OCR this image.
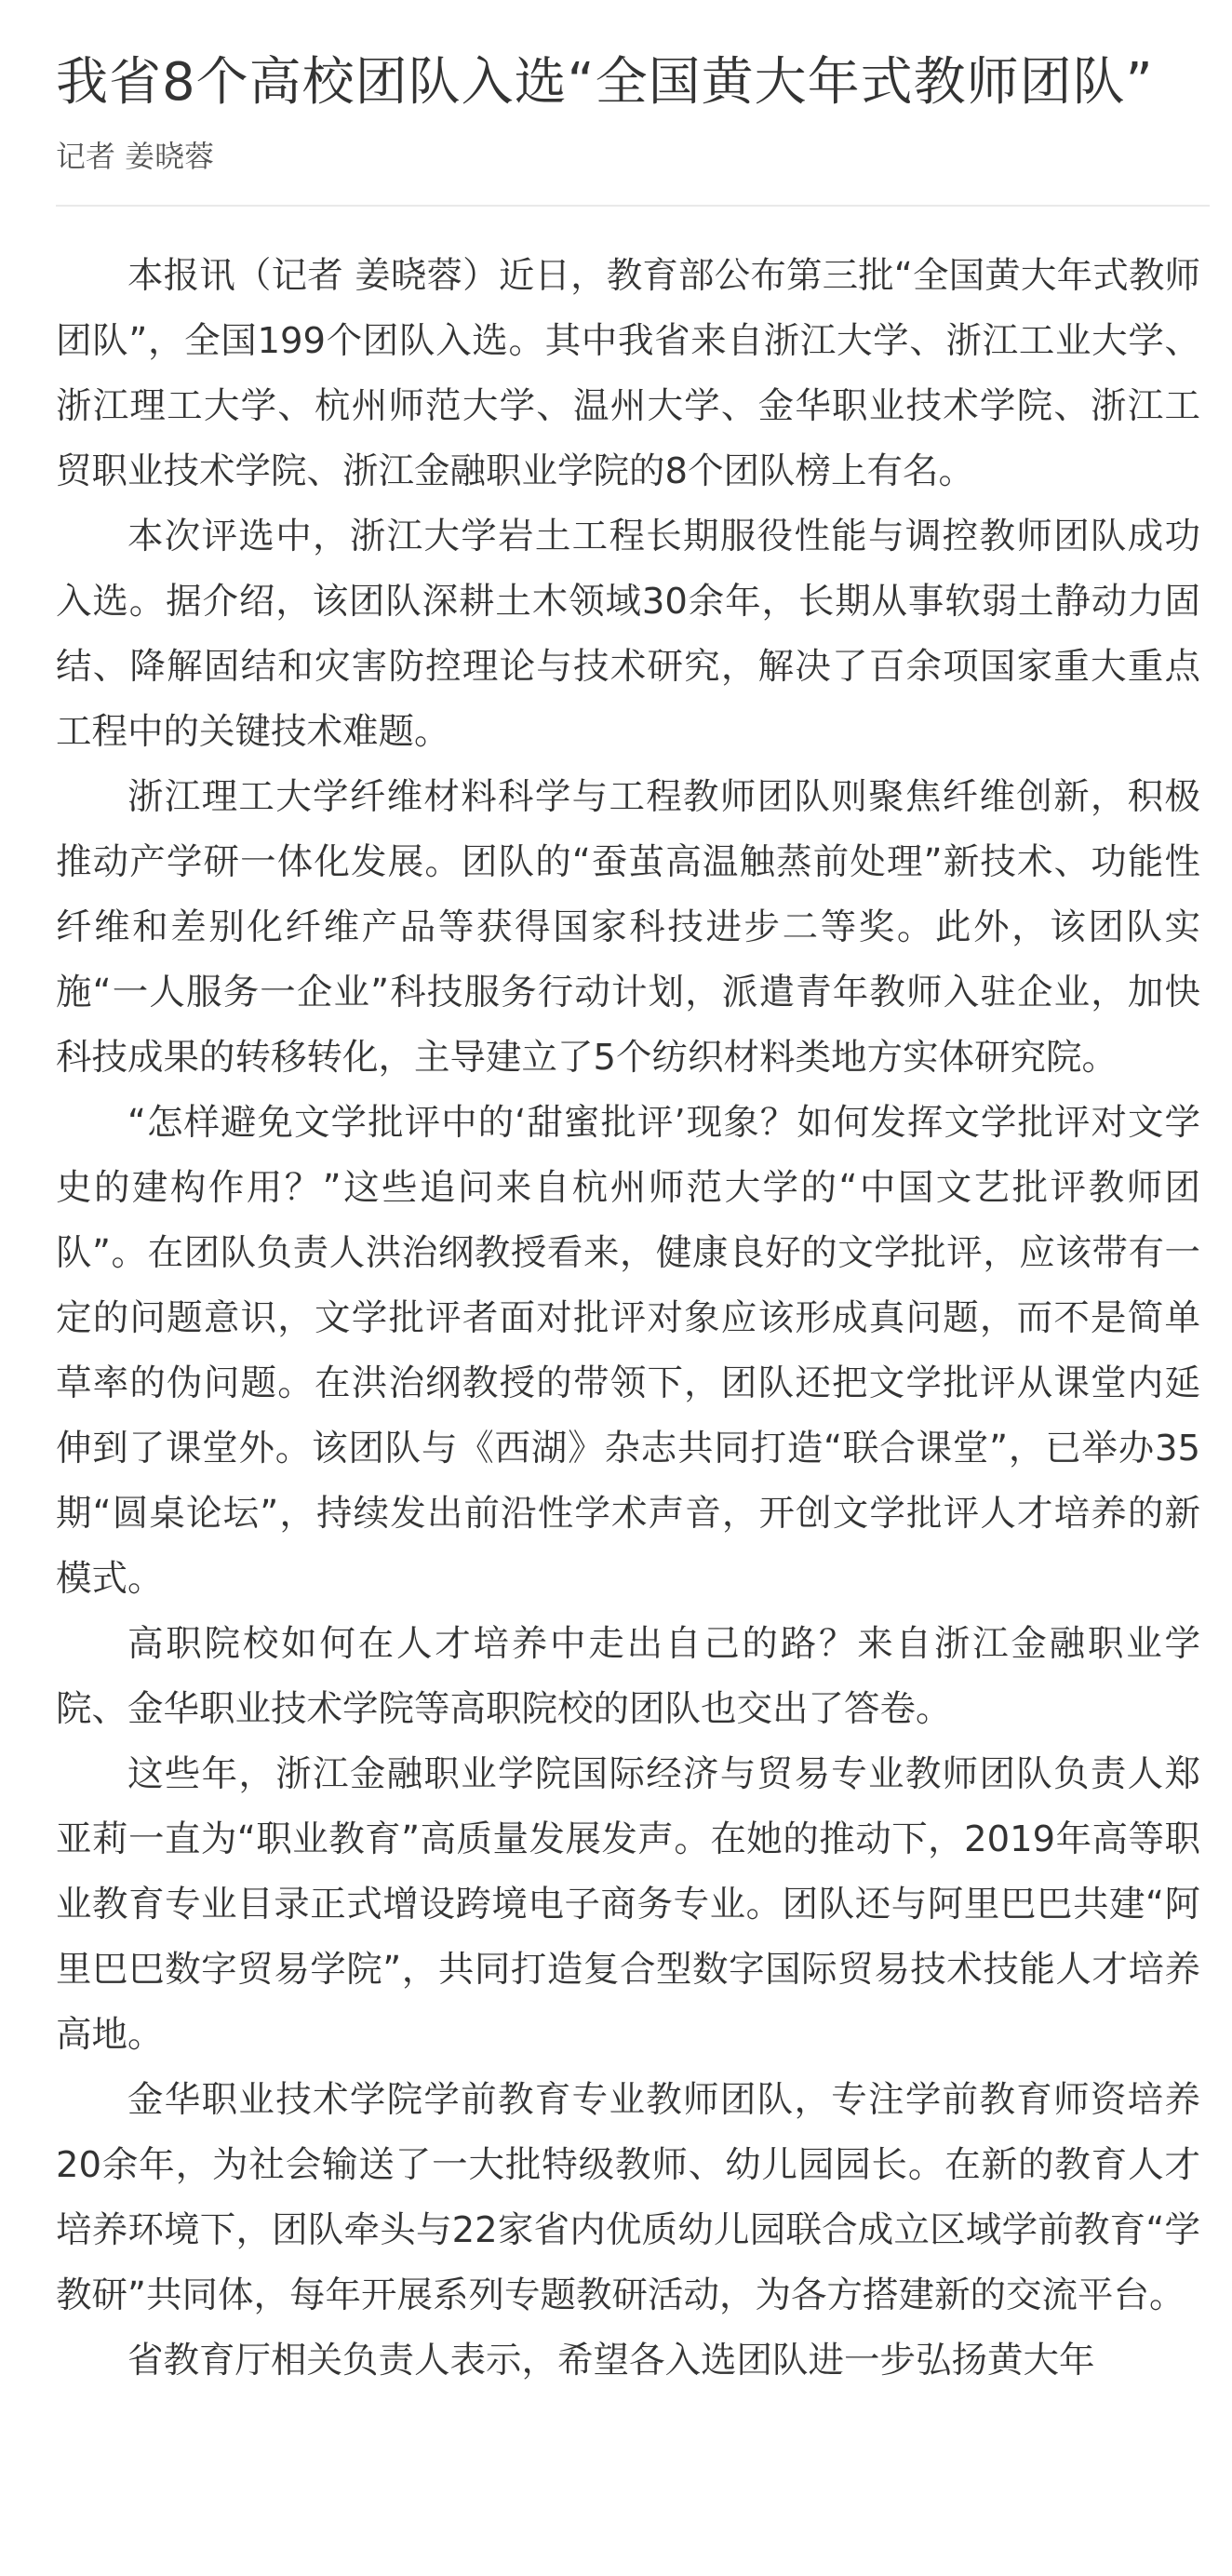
我省8个高校团队入选“全国黄大年式教师团队”
记者 姜晓蓉

本报讯（记者 姜晓蓉）近日，教育部公布第三批“全国黄大年式教师团队”，全国199个团队入选。其中我省来自浙江大学、浙江工业大学、浙江理工大学、杭州师范大学、温州大学、金华职业技术学院、浙江工贸职业技术学院、浙江金融职业学院的8个团队榜上有名。

本次评选中，浙江大学岩土工程长期服役性能与调控教师团队成功入选。据介绍，该团队深耕土木领域30余年，长期从事软弱土静动力固结、降解固结和灾害防控理论与技术研究，解决了百余项国家重大重点工程中的关键技术难题。

浙江理工大学纤维材料科学与工程教师团队则聚焦纤维创新，积极推动产学研一体化发展。团队的“蚕茧高温触蒸前处理”新技术、功能性纤维和差别化纤维产品等获得国家科技进步二等奖。此外，该团队实施“一人服务一企业”科技服务行动计划，派遣青年教师入驻企业，加快科技成果的转移转化，主导建立了5个纺织材料类地方实体研究院。

“怎样避免文学批评中的‘甜蜜批评’现象？如何发挥文学批评对文学史的建构作用？”这些追问来自杭州师范大学的“中国文艺批评教师团队”。在团队负责人洪治纲教授看来，健康良好的文学批评，应该带有一定的问题意识，文学批评者面对批评对象应该形成真问题，而不是简单草率的伪问题。在洪治纲教授的带领下，团队还把文学批评从课堂内延伸到了课堂外。该团队与《西湖》杂志共同打造“联合课堂”，已举办35期“圆桌论坛”，持续发出前沿性学术声音，开创文学批评人才培养的新模式。

高职院校如何在人才培养中走出自己的路？来自浙江金融职业学院、金华职业技术学院等高职院校的团队也交出了答卷。

这些年，浙江金融职业学院国际经济与贸易专业教师团队负责人郑亚莉一直为“职业教育”高质量发展发声。在她的推动下，2019年高等职业教育专业目录正式增设跨境电子商务专业。团队还与阿里巴巴共建“阿里巴巴数字贸易学院”，共同打造复合型数字国际贸易技术技能人才培养高地。

金华职业技术学院学前教育专业教师团队，专注学前教育师资培养20余年，为社会输送了一大批特级教师、幼儿园园长。在新的教育人才培养环境下，团队牵头与22家省内优质幼儿园联合成立区域学前教育“学教研”共同体，每年开展系列专题教研活动，为各方搭建新的交流平台。

省教育厅相关负责人表示，希望各入选团队进一步弘扬黄大年
